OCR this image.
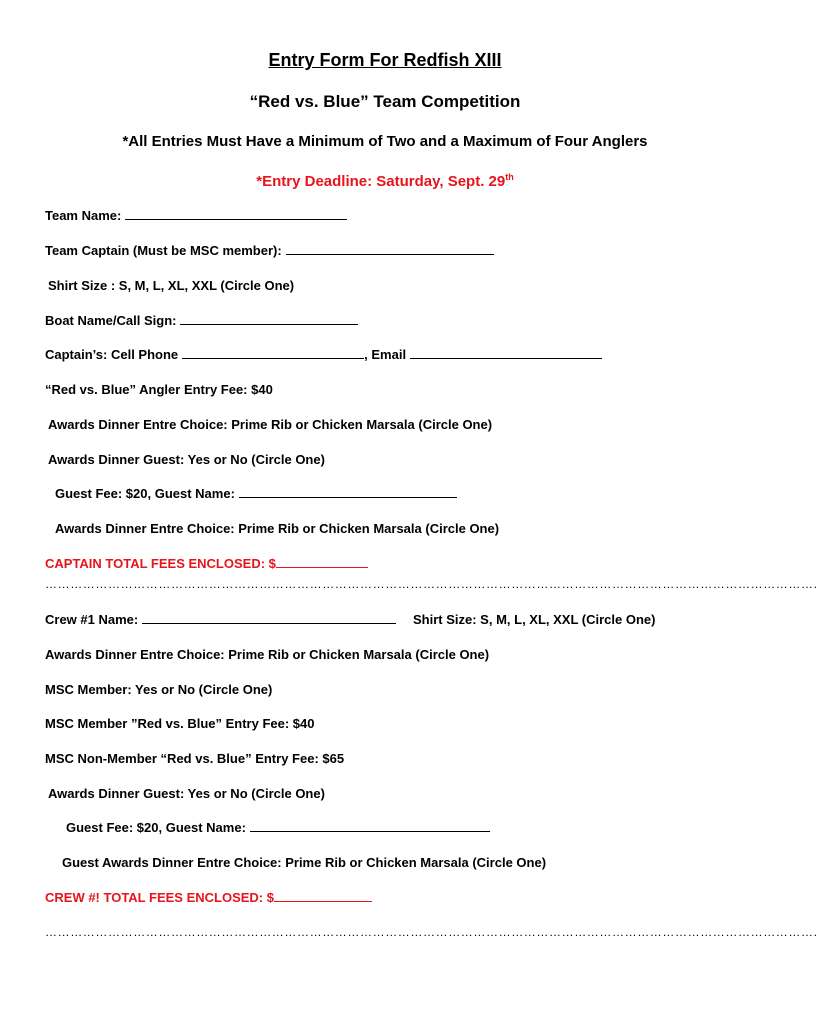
Entry Form For Redfish XIII
“Red vs. Blue” Team Competition
*All Entries Must Have a Minimum of Two and a Maximum of Four Anglers
*Entry Deadline: Saturday, Sept. 29th
Team Name:
Team Captain (Must be MSC member):
Shirt Size : S, M, L, XL, XXL (Circle One)
Boat Name/Call Sign:
Captain’s: Cell Phone	, Email
“Red vs. Blue” Angler Entry Fee: $40
Awards Dinner Entre Choice: Prime Rib or Chicken Marsala (Circle One)
Awards Dinner Guest: Yes or No (Circle One)
Guest Fee: $20, Guest Name:
Awards Dinner Entre Choice: Prime Rib or Chicken Marsala (Circle One)
CAPTAIN TOTAL FEES ENCLOSED: $
………………………………………………………………………………………………………………………………………………………………….
Crew #1 Name:	Shirt Size: S, M, L, XL, XXL (Circle One)
Awards Dinner Entre Choice: Prime Rib or Chicken Marsala (Circle One)
MSC Member: Yes or No (Circle One)
MSC Member ”Red vs. Blue” Entry Fee: $40
MSC Non-Member “Red vs. Blue” Entry Fee: $65
Awards Dinner Guest: Yes or No (Circle One)
Guest Fee: $20, Guest Name:
Guest Awards Dinner Entre Choice: Prime Rib or Chicken Marsala (Circle One)
CREW #! TOTAL FEES ENCLOSED: $
………………………………………………………………………………………………………………………………………………………………….
